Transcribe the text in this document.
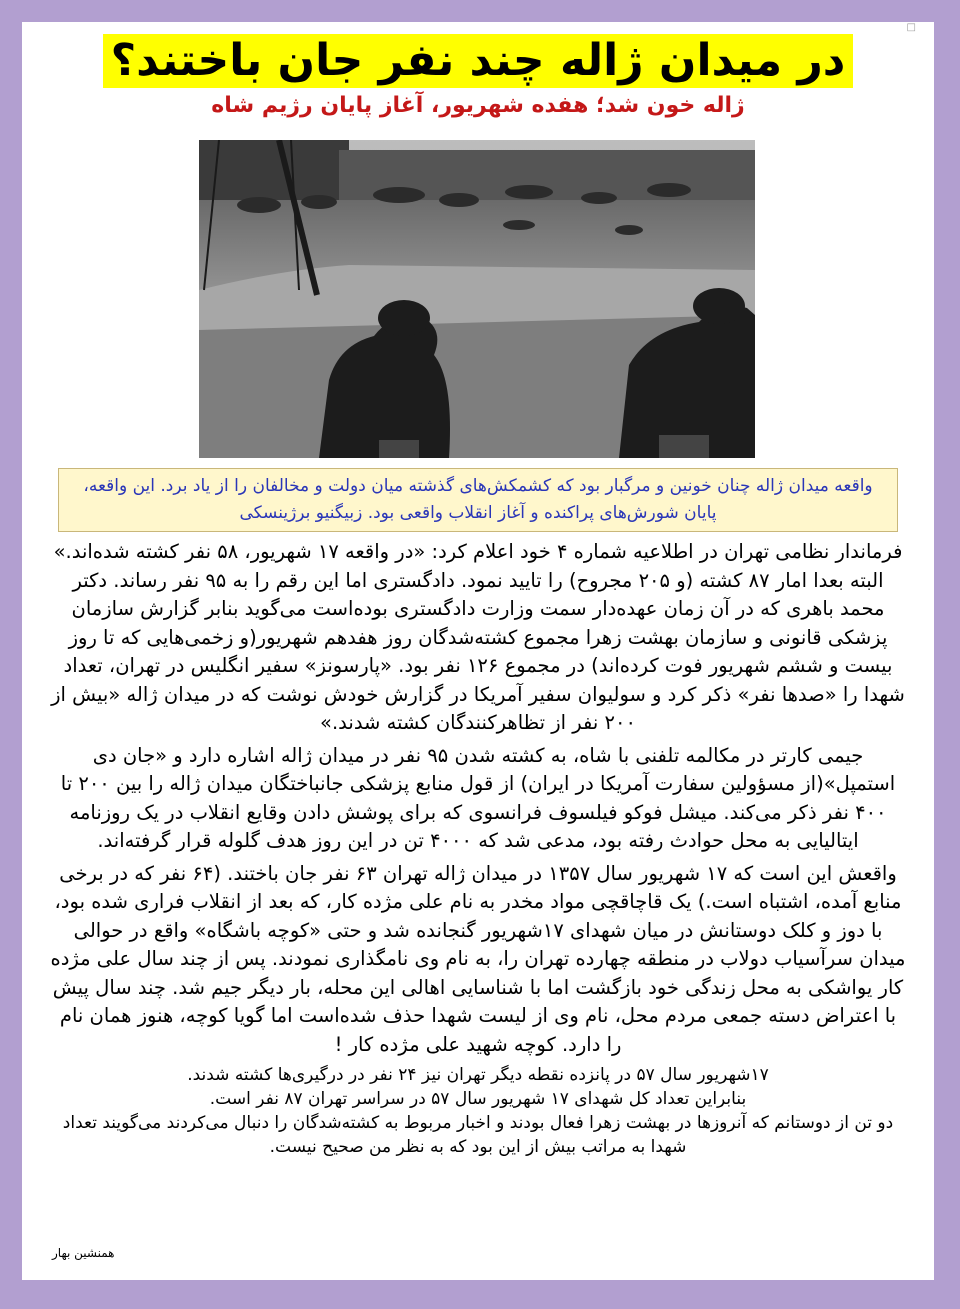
□
در میدان ژاله چند نفر جان باختند؟
ژاله خون شد؛ هفده شهریور، آغاز پایان رژیم شاه
واقعه میدان ژاله چنان خونین و مرگبار بود که کشمکش‌های گذشته میان دولت و مخالفان را از یاد برد. این واقعه، پایان شورش‌های پراکنده و آغاز انقلاب واقعی بود. زبیگنیو برژینسکی

فرماندار نظامی تهران در اطلاعیه شماره ۴ خود اعلام کرد: «در واقعه ۱۷ شهریور، ۵۸ نفر کشته شده‌اند.» البته بعدا امار ۸۷ کشته (و ۲۰۵ مجروح) را تایید نمود. دادگستری اما این رقم را به ۹۵ نفر رساند. دکتر محمد باهری که در آن زمان عهده‌دار سمت وزارت دادگستری بوده‌است می‌گوید بنابر گزارش سازمان پزشکی قانونی و سازمان بهشت زهرا مجموع کشته‌شدگان روز هفدهم شهریور(و زخمی‌هایی که تا روز بیست و ششم شهریور فوت کرده‌اند) در مجموع ۱۲۶ نفر بود. «پارسونز» سفیر انگلیس در تهران، تعداد شهدا را «صدها نفر» ذکر کرد و سولیوان سفیر آمریکا در گزارش خودش نوشت که در میدان ژاله «بیش از ۲۰۰ نفر از تظاهرکنندگان کشته شدند.»

جیمی کارتر در مکالمه تلفنی با شاه، به کشته شدن ۹۵ نفر در میدان ژاله اشاره دارد و «جان دی استمپل»(از مسؤولین سفارت آمریکا در ایران) از قول منابع پزشکی جانباختگان میدان ژاله را بین ۲۰۰ تا ۴۰۰ نفر ذکر می‌کند. میشل فوکو فیلسوف فرانسوی که برای پوشش دادن وقایع انقلاب در یک روزنامه ایتالیایی به محل حوادث رفته بود، مدعی شد که ۴۰۰۰ تن در این روز هدف گلوله قرار گرفته‌اند.

واقعش این است که ۱۷ شهریور سال ۱۳۵۷ در میدان ژاله تهران ۶۳ نفر جان باختند. (۶۴ نفر که در برخی منابع آمده، اشتباه است.) یک قاچاقچی مواد مخدر به نام علی مژده کار، که بعد از انقلاب فراری شده بود، با دوز و کلک دوستانش در میان شهدای ۱۷شهریور گنجانده شد و حتی «کوچه باشگاه» واقع در حوالی میدان سرآسیاب دولاب در منطقه چهارده تهران را، به نام وی نامگذاری نمودند. پس از چند سال علی مژده کار یواشکی به محل زندگی خود بازگشت اما با شناسایی اهالی این محله، بار دیگر جیم شد. چند سال پیش با اعتراض دسته جمعی مردم محل، نام وی از لیست شهدا حذف شده‌است اما گویا کوچه، هنوز همان نام را دارد. کوچه شهید علی مژده کار !

۱۷شهریور سال ۵۷ در پانزده نقطه دیگر تهران نیز ۲۴ نفر در درگیری‌ها کشته شدند.

بنابراین تعداد کل شهدای ۱۷ شهریور سال ۵۷ در سراسر تهران ۸۷ نفر است.

دو تن از دوستانم که آنروزها در بهشت زهرا فعال بودند و اخبار مربوط به کشته‌شدگان را دنبال می‌کردند می‌گویند تعداد شهدا به مراتب بیش از این بود که به نظر من صحیح نیست.

همنشین بهار
